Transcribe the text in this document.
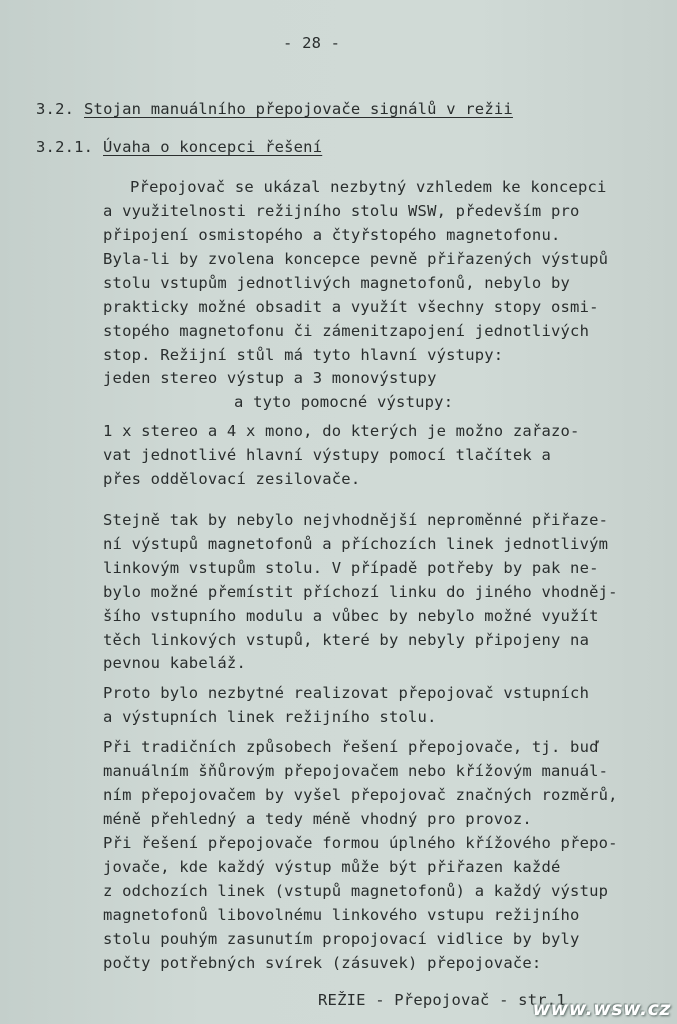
- 28 -
3.2. Stojan manuálního přepojovače signálů v režii
3.2.1. Úvaha o koncepci řešení
Přepojovač se ukázal nezbytný vzhledem ke koncepci
a využitelnosti režijního stolu WSW, především pro
připojení osmistopého a čtyřstopého magnetofonu.
Byla-li by zvolena koncepce pevně přiřazených výstupů
stolu vstupům jednotlivých magnetofonů, nebylo by
prakticky možné obsadit a využít všechny stopy osmi-
stopého magnetofonu či zámenitzapojení jednotlivých
stop. Režijní stůl má tyto hlavní výstupy:
jeden stereo výstup a 3 monovýstupy
a tyto pomocné výstupy:
1 x stereo a 4 x mono, do kterých je možno zařazo-
vat jednotlivé hlavní výstupy pomocí tlačítek a
přes oddělovací zesilovače.
Stejně tak by nebylo nejvhodnější neproměnné přiřaze-
ní výstupů magnetofonů a příchozích linek jednotlivým
linkovým vstupům stolu. V případě potřeby by pak ne-
bylo možné přemístit příchozí linku do jiného vhodněj-
šího vstupního modulu a vůbec by nebylo možné využít
těch linkových vstupů, které by nebyly připojeny na
pevnou kabeláž.
Proto bylo nezbytné realizovat přepojovač vstupních
a výstupních linek režijního stolu.
Při tradičních způsobech řešení přepojovače, tj. buď
manuálním šňůrovým přepojovačem nebo křížovým manuál-
ním přepojovačem by vyšel přepojovač značných rozměrů,
méně přehledný a tedy méně vhodný pro provoz.
Při řešení přepojovače formou úplného křížového přepo-
jovače, kde každý výstup může být přiřazen každé
z odchozích linek (vstupů magnetofonů) a každý výstup
magnetofonů libovolnému linkového vstupu režijního
stolu pouhým zasunutím propojovací vidlice by byly
počty potřebných svírek (zásuvek) přepojovače:
REŽIE - Přepojovač - str.1
www.wsw.cz
